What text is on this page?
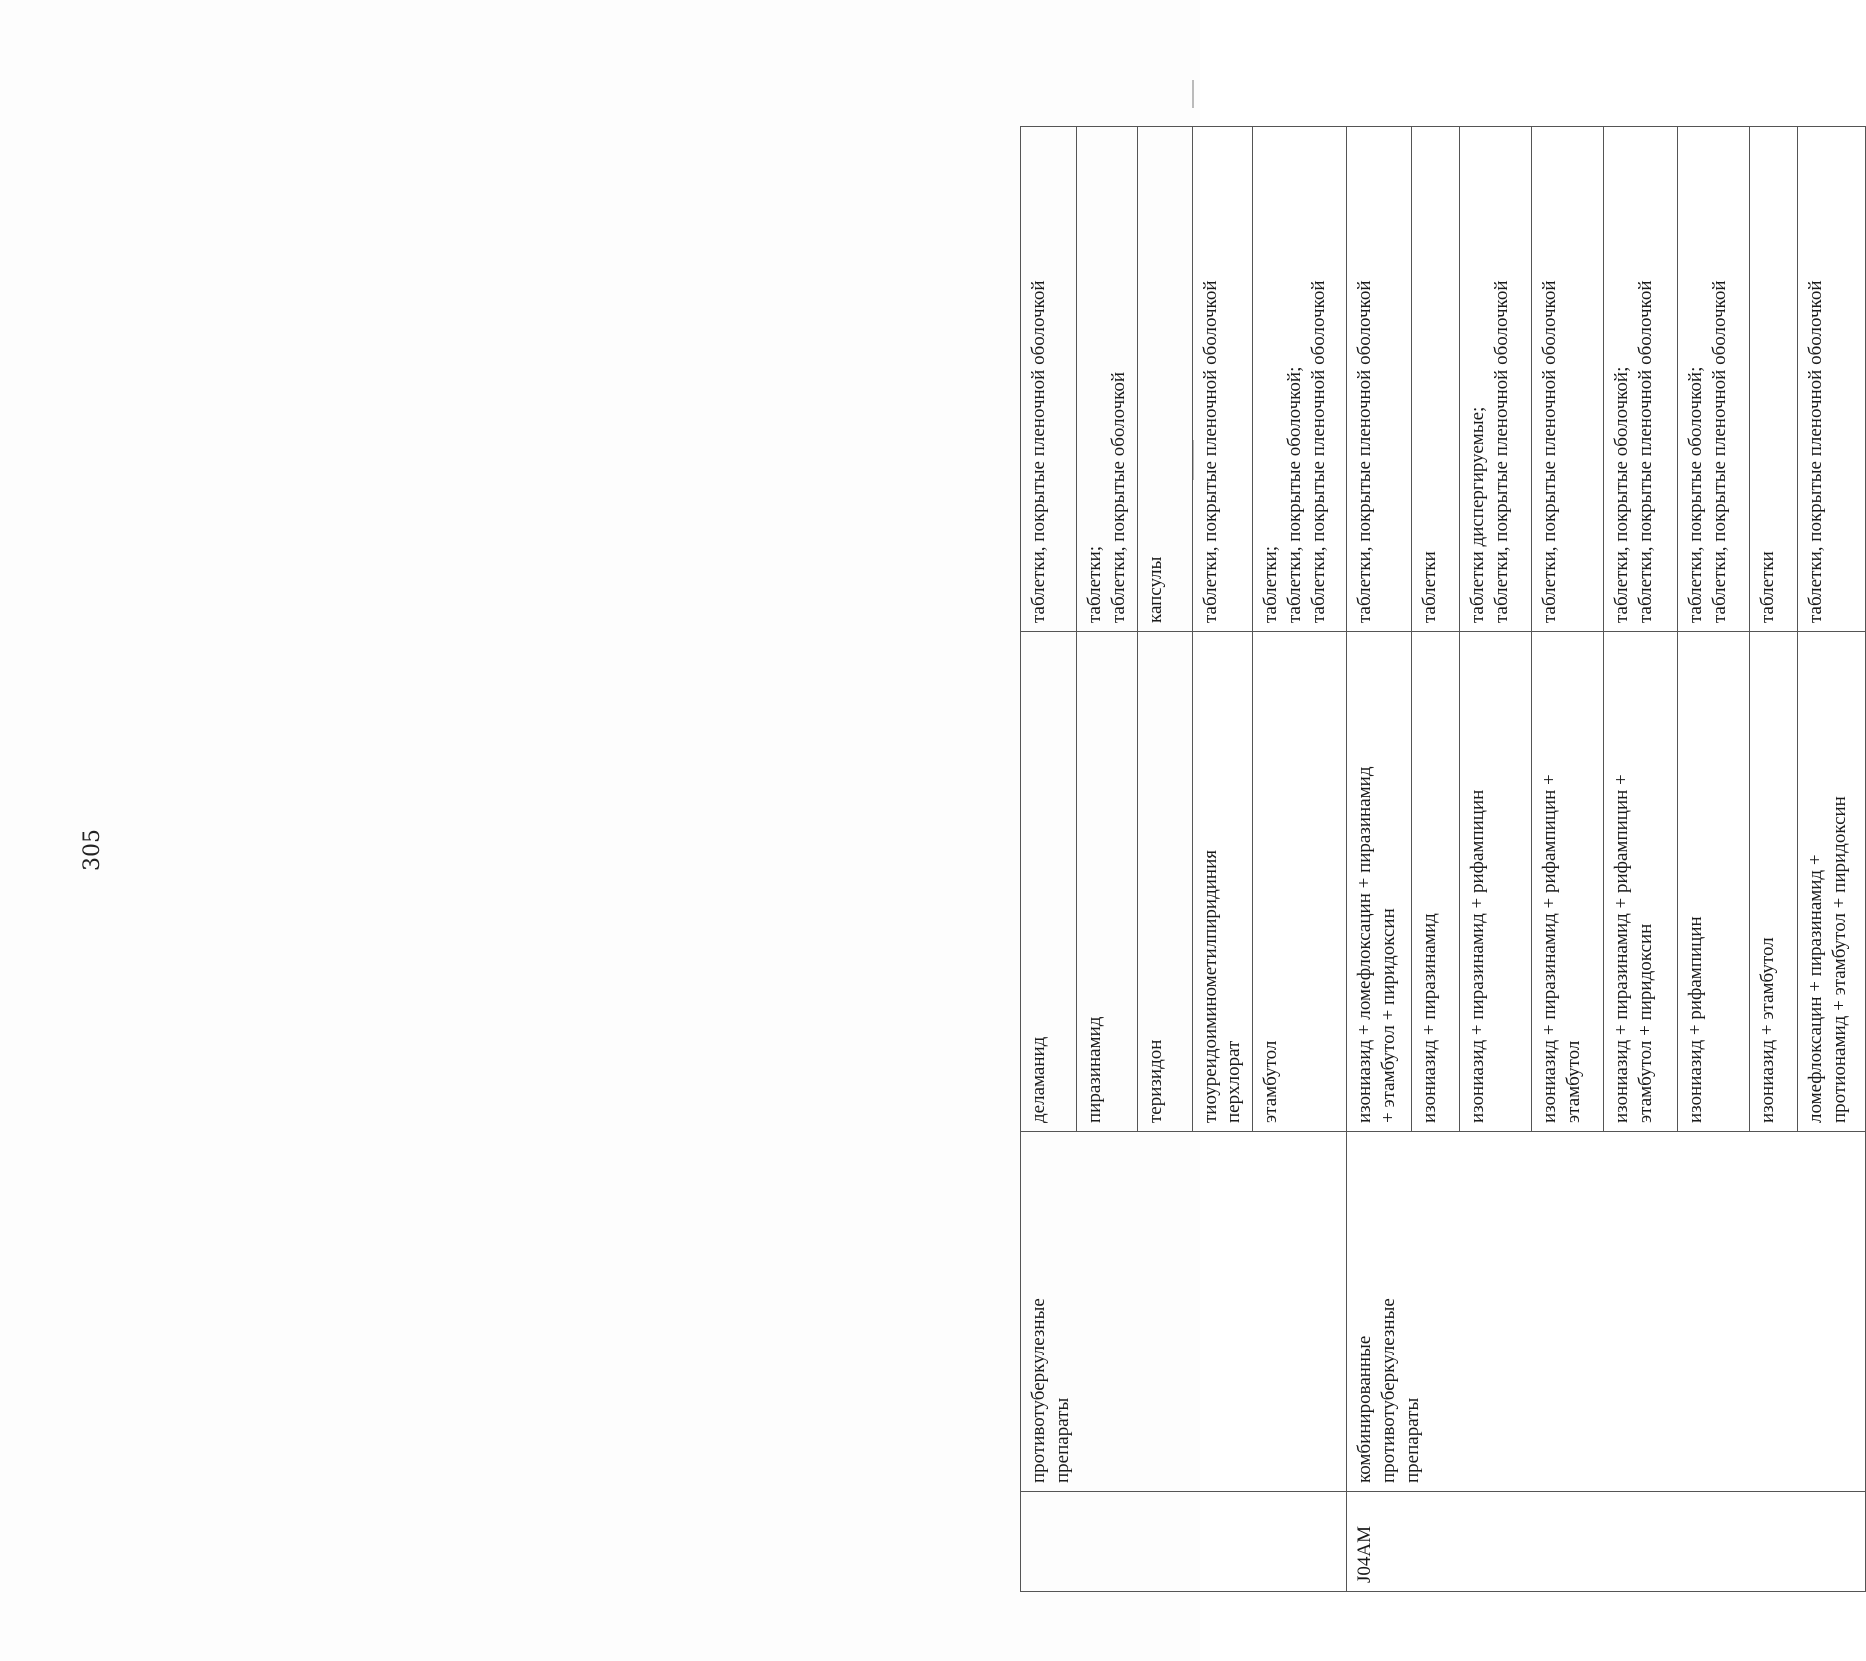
305
	противотуберкулезные
препараты	деламанид	таблетки, покрытые пленочной оболочкой
		пиразинамид	таблетки;
таблетки, покрытые оболочкой
		теризидон	капсулы
		тиоуреидоиминометилпиридиния
перхлорат	таблетки, покрытые пленочной оболочкой
		этамбутол	таблетки;
таблетки, покрытые оболочкой;
таблетки, покрытые пленочной оболочкой
J04AM	комбинированные
противотуберкулезные
препараты	изониазид + ломефлоксацин + пиразинамид
+ этамбутол + пиридоксин	таблетки, покрытые пленочной оболочкой
		изониазид + пиразинамид	таблетки
		изониазид + пиразинамид + рифампицин	таблетки диспергируемые;
таблетки, покрытые пленочной оболочкой
		изониазид + пиразинамид + рифампицин +
этамбутол	таблетки, покрытые пленочной оболочкой
		изониазид + пиразинамид + рифампицин +
этамбутол + пиридоксин	таблетки, покрытые оболочкой;
таблетки, покрытые пленочной оболочкой
		изониазид + рифампицин	таблетки, покрытые оболочкой;
таблетки, покрытые пленочной оболочкой
		изониазид + этамбутол	таблетки
		ломефлоксацин + пиразинамид +
протионамид + этамбутол + пиридоксин	таблетки, покрытые пленочной оболочкой
